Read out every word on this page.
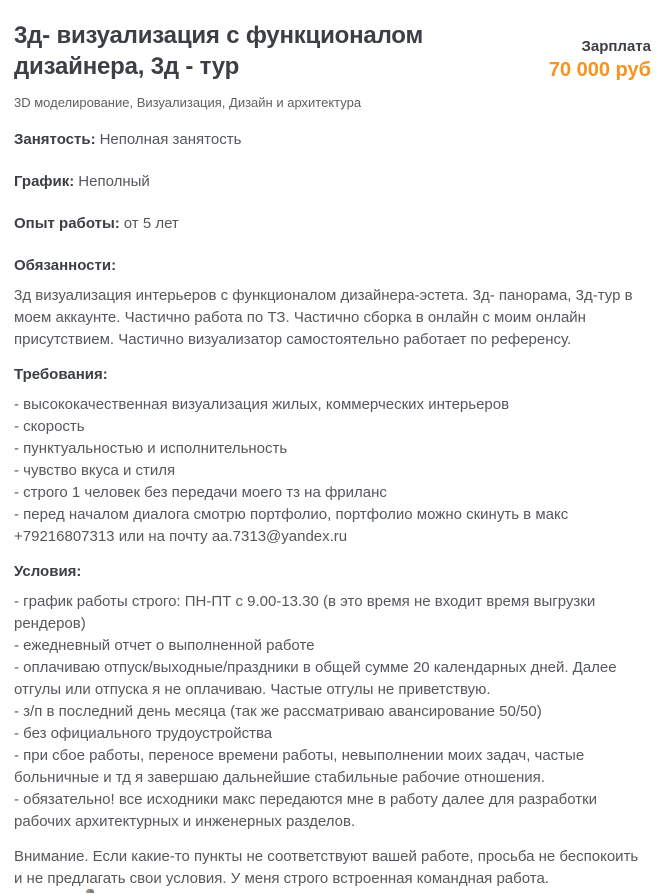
3д- визуализация с функционалом дизайнера, 3д - тур
Зарплата
70 000 руб
3D моделирование, Визуализация, Дизайн и архитектура
Занятость: Неполная занятость
График: Неполный
Опыт работы: от 5 лет
Обязанности:

3д визуализация интерьеров с функционалом дизайнера-эстета. 3д- панорама, 3д-тур в моем аккаунте. Частично работа по ТЗ. Частично сборка в онлайн с моим онлайн присутствием. Частично визуализатор самостоятельно работает по референсу.

Требования:
- высококачественная визуализация жилых, коммерческих интерьеров
- скорость
- пунктуальностью и исполнительность
- чувство вкуса и стиля
- строго 1 человек без передачи моего тз на фриланс
- перед началом диалога смотрю портфолио, портфолио можно скинуть в макс +79216807313 или на почту aa.7313@yandex.ru
Условия:
- график работы строго: ПН-ПТ с 9.00-13.30 (в это время не входит время выгрузки рендеров)
- ежедневный отчет о выполненной работе
- оплачиваю отпуск/выходные/праздники в общей сумме 20 календарных дней. Далее отгулы или отпуска я не оплачиваю. Частые отгулы не приветствую.
- з/п в последний день месяца (так же рассматриваю авансирование 50/50)
- без официального трудоустройства
- при сбое работы, переносе времени работы, невыполнении моих задач, частые больничные и тд я завершаю дальнейшие стабильные рабочие отношения.
- обязательно! все исходники макс передаются мне в работу далее для разработки рабочих архитектурных и инженерных разделов.

Внимание. Если какие-то пункты не соответствуют вашей работе, просьба не беспокоить и не предлагать свои условия. У меня строго встроенная командная работа.
